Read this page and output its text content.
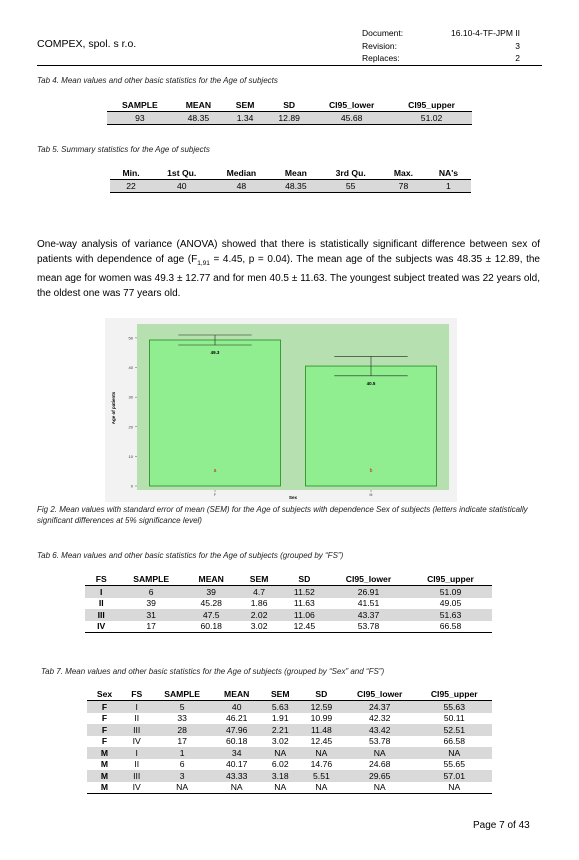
COMPEX, spol. s r.o.
Document:	16.10-4-TF-JPM II
Revision:	3
Replaces:	2
Tab 4. Mean values and other basic statistics for the Age of subjects
SAMPLE	MEAN	SEM	SD	CI95_lower	CI95_upper
93	48.35	1.34	12.89	45.68	51.02
Tab 5. Summary statistics for the Age of subjects
Min.	1st Qu.	Median	Mean	3rd Qu.	Max.	NA's
22	40	48	48.35	55	78	1
One-way analysis of variance (ANOVA) showed that there is statistically significant difference between sex of patients with dependence of age ($F_{1,91} = 4.45$, p = 0.04). The mean age of the subjects was 48.35 ± 12.89, the mean age for women was 49.3 ± 12.77 and for men 40.5 ± 11.63. The youngest subject treated was 22 years old, the oldest one was 77 years old.
0
10
20
30
40
50
49.3
a
F
40.5
b
M
Age of patients
Sex
Fig 2. Mean values with standard error of mean (SEM) for the Age of subjects with dependence Sex of subjects (letters indicate statistically significant differences at 5% significance level)
Tab 6. Mean values and other basic statistics for the Age of subjects (grouped by “FS”)
FS	SAMPLE	MEAN	SEM	SD	CI95_lower	CI95_upper
I	6	39	4.7	11.52	26.91	51.09
II	39	45.28	1.86	11.63	41.51	49.05
III	31	47.5	2.02	11.06	43.37	51.63
IV	17	60.18	3.02	12.45	53.78	66.58
Tab 7. Mean values and other basic statistics for the Age of subjects (grouped by “Sex” and “FS”)
Sex	FS	SAMPLE	MEAN	SEM	SD	CI95_lower	CI95_upper
F	I	5	40	5.63	12.59	24.37	55.63
F	II	33	46.21	1.91	10.99	42.32	50.11
F	III	28	47.96	2.21	11.48	43.42	52.51
F	IV	17	60.18	3.02	12.45	53.78	66.58
M	I	1	34	NA	NA	NA	NA
M	II	6	40.17	6.02	14.76	24.68	55.65
M	III	3	43.33	3.18	5.51	29.65	57.01
M	IV	NA	NA	NA	NA	NA	NA
Page 7 of 43
